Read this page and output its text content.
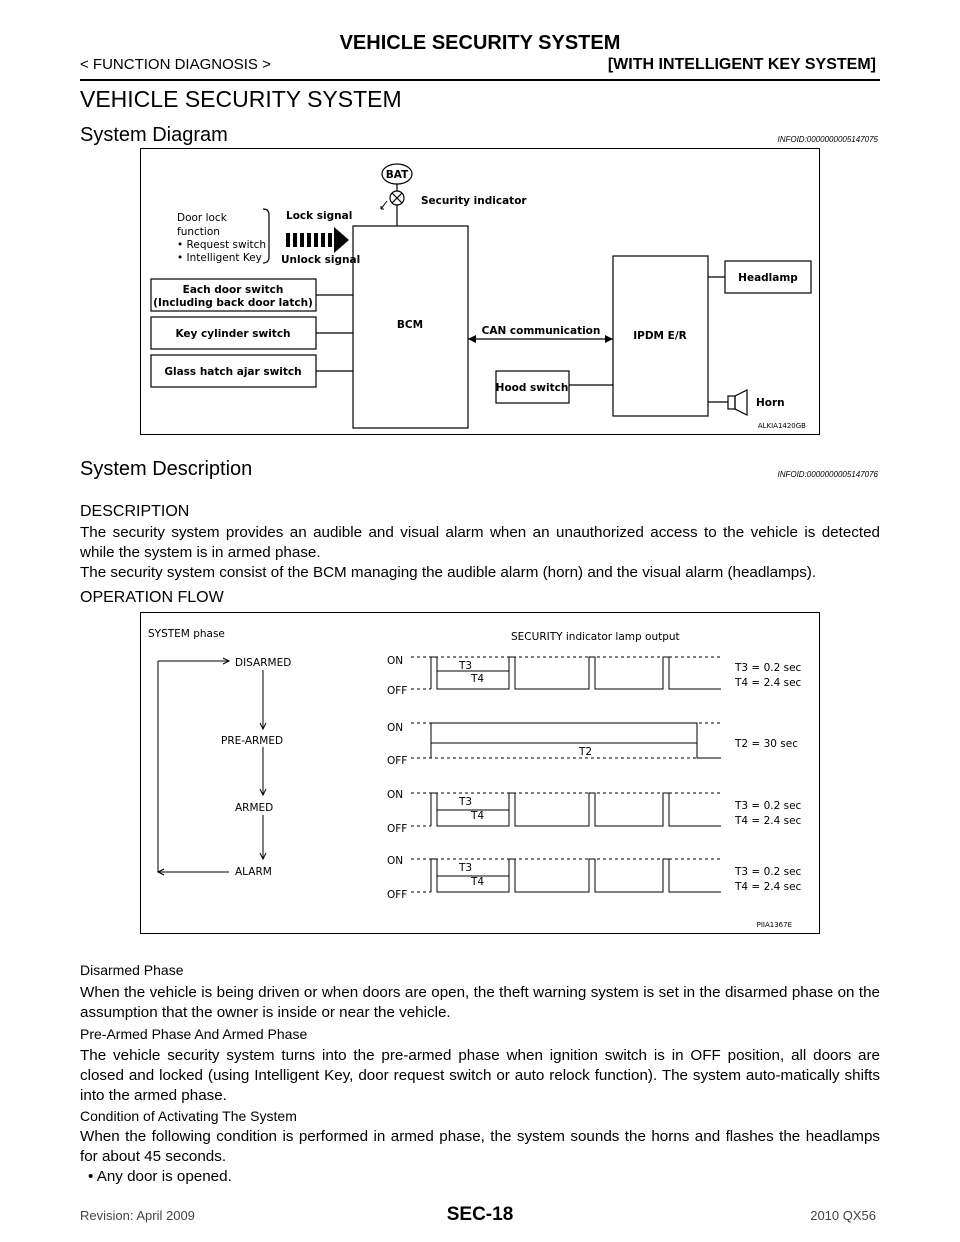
VEHICLE SECURITY SYSTEM
< FUNCTION DIAGNOSIS >	[WITH INTELLIGENT KEY SYSTEM]
VEHICLE SECURITY SYSTEM
System Diagram	INFOID:0000000005147075
BAT
Security indicator
Door lock
function
• Request switch
• Intelligent Key
Lock signal
Unlock signal
Each door switch
(Including back door latch)
Key cylinder switch
Glass hatch ajar switch
BCM	CAN communication	IPDM E/R
Headlamp
Hood switch
Horn
ALKIA1420GB
System Description	INFOID:0000000005147076
DESCRIPTION
The security system provides an audible and visual alarm when an unauthorized access to the vehicle is detected while the system is in armed phase.
The security system consist of the BCM managing the audible alarm (horn) and the visual alarm (headlamps).
OPERATION FLOW
SYSTEM phase	SECURITY indicator lamp output
DISARMED
PRE-ARMED
ARMED
ALARM
ON
OFF
ON
OFF
ON
OFF
ON
OFF
T3
T4
T2
T3
T4
T3
T4
T3 = 0.2 sec
T4 = 2.4 sec
T2 = 30 sec
T3 = 0.2 sec
T4 = 2.4 sec
T3 = 0.2 sec
T4 = 2.4 sec
PIIA1367E
Disarmed Phase
When the vehicle is being driven or when doors are open, the theft warning system is set in the disarmed phase on the assumption that the owner is inside or near the vehicle.
Pre-Armed Phase And Armed Phase
The vehicle security system turns into the pre-armed phase when ignition switch is in OFF position, all doors are closed and locked (using Intelligent Key, door request switch or auto relock function). The system auto-matically shifts into the armed phase.
Condition of Activating The System
When the following condition is performed in armed phase, the system sounds the horns and flashes the headlamps for about 45 seconds.
• Any door is opened.
SEC-18
Revision: April 2009	2010 QX56
